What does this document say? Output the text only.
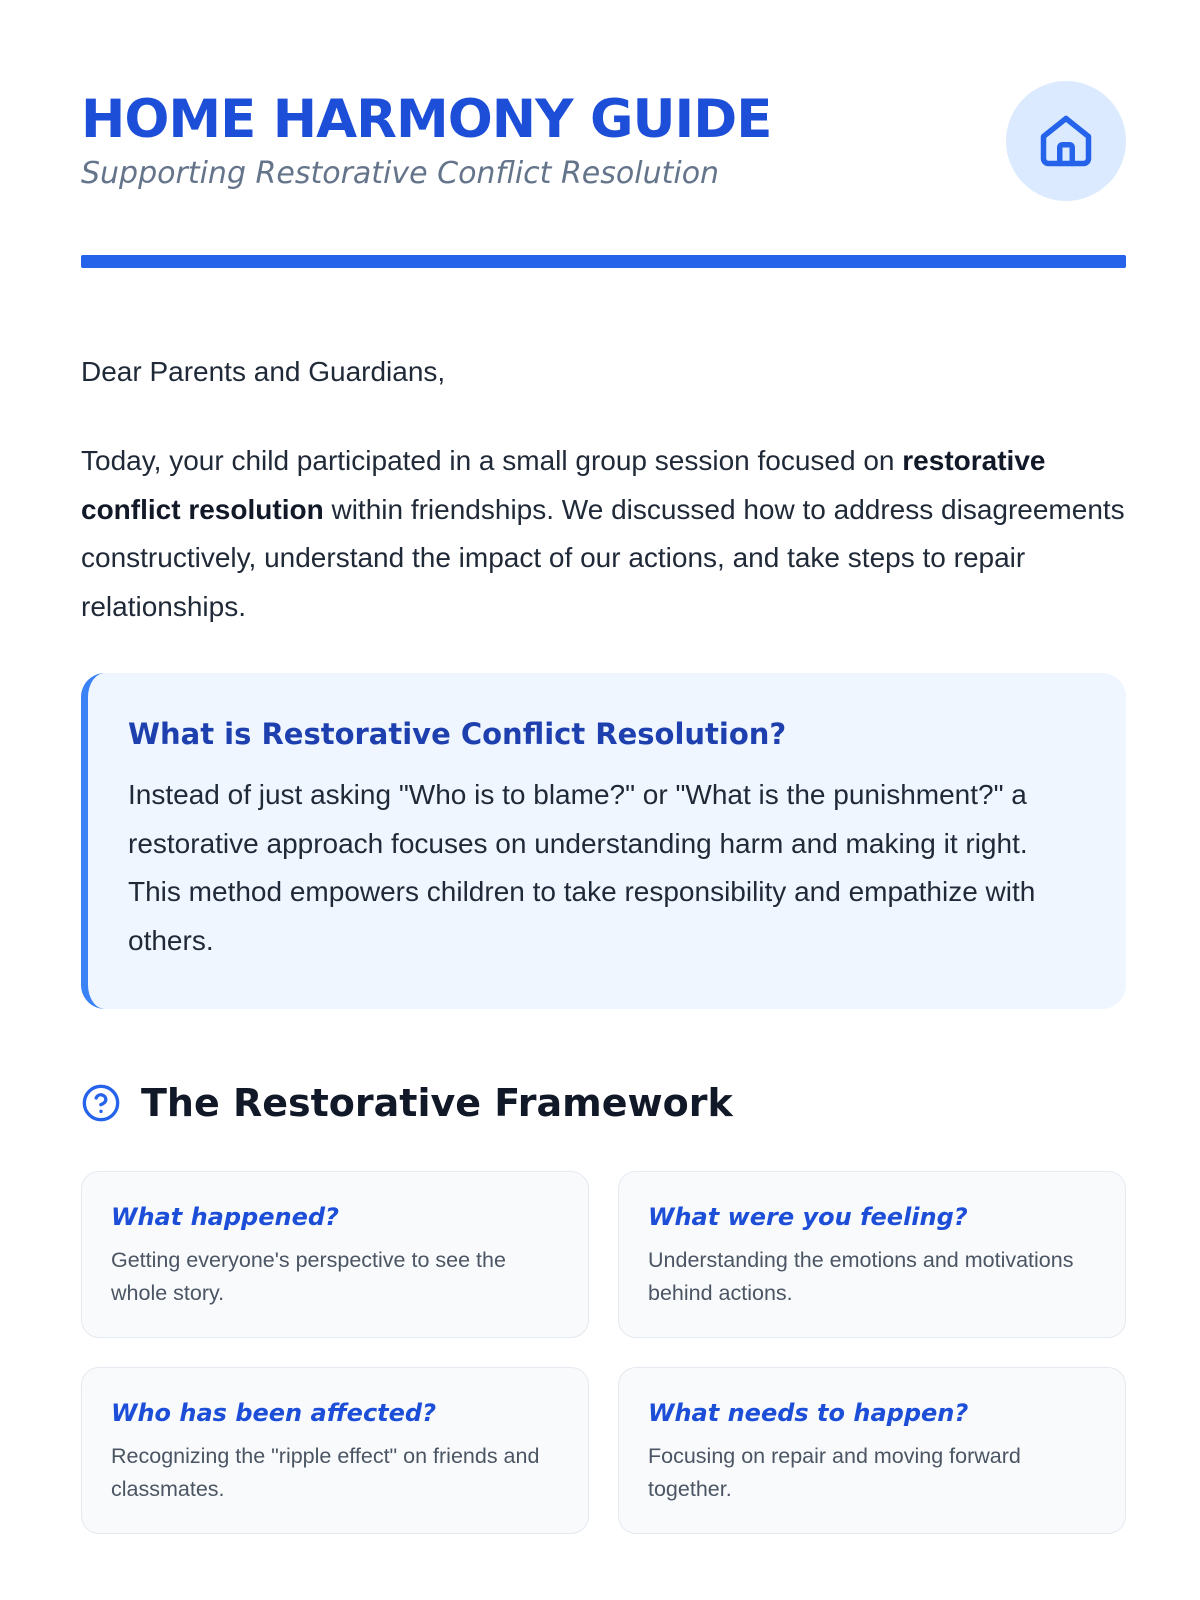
HOME HARMONY GUIDE

Supporting Restorative Conflict Resolution

Dear Parents and Guardians,

Today, your child participated in a small group session focused on restorative conflict resolution within friendships. We discussed how to address disagreements constructively, understand the impact of our actions, and take steps to repair relationships.

What is Restorative Conflict Resolution?

Instead of just asking "Who is to blame?" or "What is the punishment?" a restorative approach focuses on understanding harm and making it right. This method empowers children to take responsibility and empathize with others.

The Restorative Framework
What happened?

Getting everyone's perspective to see the whole story.

What were you feeling?

Understanding the emotions and motivations behind actions.

Who has been affected?

Recognizing the "ripple effect" on friends and classmates.

What needs to happen?

Focusing on repair and moving forward together.
